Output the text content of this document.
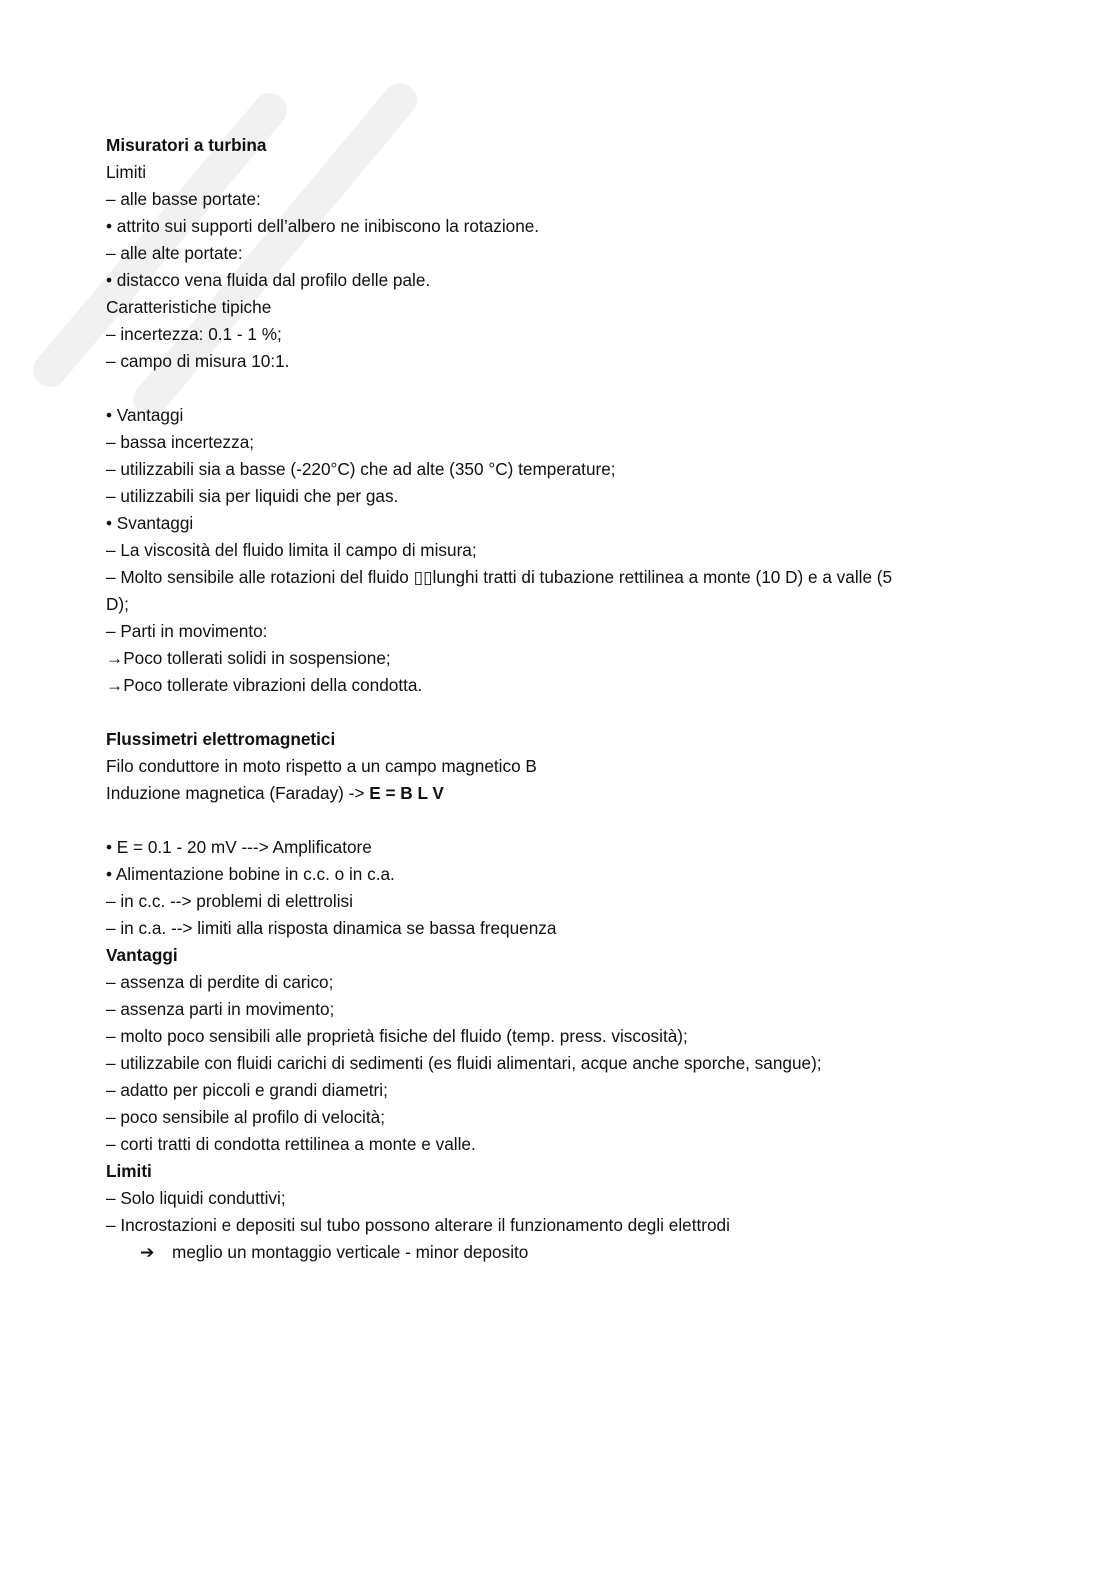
Misuratori a turbina
Limiti
– alle basse portate:
• attrito sui supporti dell’albero ne inibiscono la rotazione.
– alle alte portate:
• distacco vena fluida dal profilo delle pale.
Caratteristiche tipiche
– incertezza: 0.1 - 1 %;
– campo di misura 10:1.
• Vantaggi
– bassa incertezza;
– utilizzabili sia a basse (-220°C) che ad alte (350 °C) temperature;
– utilizzabili sia per liquidi che per gas.
• Svantaggi
– La viscosità del fluido limita il campo di misura;
– Molto sensibile alle rotazioni del fluido ▯▯lunghi tratti di tubazione rettilinea a monte (10 D) e a valle (5
D);
– Parti in movimento:
→Poco tollerati solidi in sospensione;
→Poco tollerate vibrazioni della condotta.
Flussimetri elettromagnetici
Filo conduttore in moto rispetto a un campo magnetico B
Induzione magnetica (Faraday) -> E = B L V
• E = 0.1 - 20 mV ---> Amplificatore
• Alimentazione bobine in c.c. o in c.a.
– in c.c. --> problemi di elettrolisi
– in c.a. --> limiti alla risposta dinamica se bassa frequenza
Vantaggi
– assenza di perdite di carico;
– assenza parti in movimento;
– molto poco sensibili alle proprietà fisiche del fluido (temp. press. viscosità);
– utilizzabile con fluidi carichi di sedimenti (es fluidi alimentari, acque anche sporche, sangue);
– adatto per piccoli e grandi diametri;
– poco sensibile al profilo di velocità;
– corti tratti di condotta rettilinea a monte e valle.
Limiti
– Solo liquidi conduttivi;
– Incrostazioni e depositi sul tubo possono alterare il funzionamento degli elettrodi
➔ meglio un montaggio verticale - minor deposito
